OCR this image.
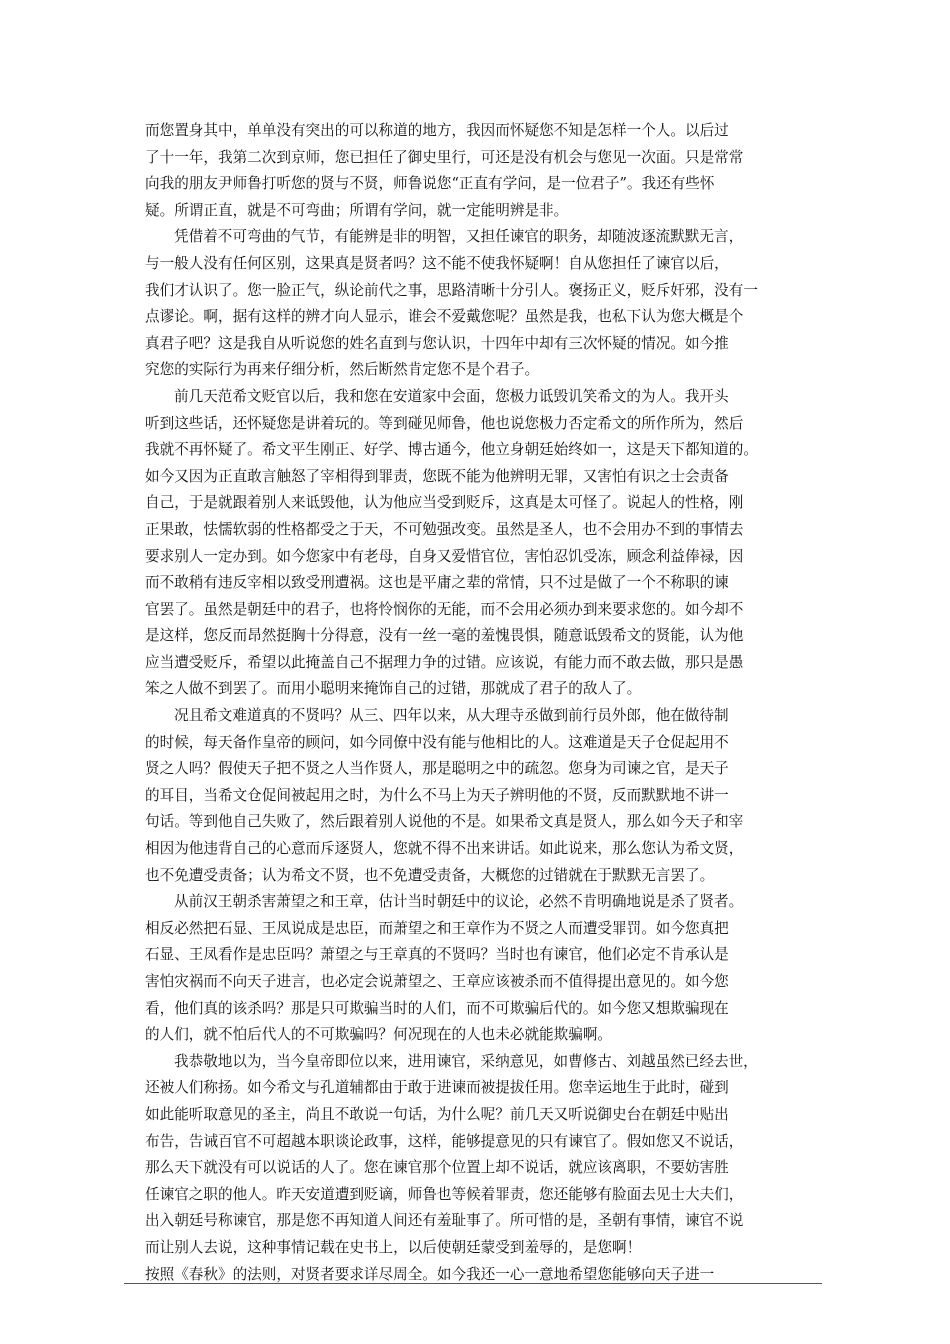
而您置身其中，单单没有突出的可以称道的地方，我因而怀疑您不知是怎样一个人。以后过
了十一年，我第二次到京师，您已担任了御史里行，可还是没有机会与您见一次面。只是常常
向我的朋友尹师鲁打听您的贤与不贤，师鲁说您“正直有学问，是一位君子”。我还有些怀
疑。所谓正直，就是不可弯曲；所谓有学问，就一定能明辨是非。
凭借着不可弯曲的气节，有能辨是非的明智，又担任谏官的职务，却随波逐流默默无言，
与一般人没有任何区别，这果真是贤者吗？这不能不使我怀疑啊！自从您担任了谏官以后，
我们才认识了。您一脸正气，纵论前代之事，思路清晰十分引人。褒扬正义，贬斥奸邪，没有一
点谬论。啊，据有这样的辨才向人显示，谁会不爱戴您呢？虽然是我，也私下认为您大概是个
真君子吧？这是我自从听说您的姓名直到与您认识，十四年中却有三次怀疑的情况。如今推
究您的实际行为再来仔细分析，然后断然肯定您不是个君子。
前几天范希文贬官以后，我和您在安道家中会面，您极力诋毁讥笑希文的为人。我开头
听到这些话，还怀疑您是讲着玩的。等到碰见师鲁，他也说您极力否定希文的所作所为，然后
我就不再怀疑了。希文平生刚正、好学、博古通今，他立身朝廷始终如一，这是天下都知道的。
如今又因为正直敢言触怒了宰相得到罪责，您既不能为他辨明无罪，又害怕有识之士会责备
自己，于是就跟着别人来诋毁他，认为他应当受到贬斥，这真是太可怪了。说起人的性格，刚
正果敢，怯懦软弱的性格都受之于天，不可勉强改变。虽然是圣人，也不会用办不到的事情去
要求别人一定办到。如今您家中有老母，自身又爱惜官位，害怕忍饥受冻，顾念利益俸禄，因
而不敢稍有违反宰相以致受刑遭祸。这也是平庸之辈的常情，只不过是做了一个不称职的谏
官罢了。虽然是朝廷中的君子，也将怜悯你的无能，而不会用必须办到来要求您的。如今却不
是这样，您反而昂然挺胸十分得意，没有一丝一毫的羞愧畏惧，随意诋毁希文的贤能，认为他
应当遭受贬斥，希望以此掩盖自己不据理力争的过错。应该说，有能力而不敢去做，那只是愚
笨之人做不到罢了。而用小聪明来掩饰自己的过错，那就成了君子的敌人了。
况且希文难道真的不贤吗？从三、四年以来，从大理寺丞做到前行员外郎，他在做待制
的时候，每天备作皇帝的顾问，如今同僚中没有能与他相比的人。这难道是天子仓促起用不
贤之人吗？假使天子把不贤之人当作贤人，那是聪明之中的疏忽。您身为司谏之官，是天子
的耳目，当希文仓促间被起用之时，为什么不马上为天子辨明他的不贤，反而默默地不讲一
句话。等到他自己失败了，然后跟着别人说他的不是。如果希文真是贤人，那么如今天子和宰
相因为他违背自己的心意而斥逐贤人，您就不得不出来讲话。如此说来，那么您认为希文贤，
也不免遭受责备；认为希文不贤，也不免遭受责备，大概您的过错就在于默默无言罢了。
从前汉王朝杀害萧望之和王章，估计当时朝廷中的议论，必然不肯明确地说是杀了贤者。
相反必然把石显、王凤说成是忠臣，而萧望之和王章作为不贤之人而遭受罪罚。如今您真把
石显、王凤看作是忠臣吗？萧望之与王章真的不贤吗？当时也有谏官，他们必定不肯承认是
害怕灾祸而不向天子进言，也必定会说萧望之、王章应该被杀而不值得提出意见的。如今您
看，他们真的该杀吗？那是只可欺骗当时的人们，而不可欺骗后代的。如今您又想欺骗现在
的人们，就不怕后代人的不可欺骗吗？何况现在的人也未必就能欺骗啊。
我恭敬地以为，当今皇帝即位以来，进用谏官，采纳意见，如曹修古、刘越虽然已经去世，
还被人们称扬。如今希文与孔道辅都由于敢于进谏而被提拔任用。您幸运地生于此时，碰到
如此能听取意见的圣主，尚且不敢说一句话，为什么呢？前几天又听说御史台在朝廷中贴出
布告，告诫百官不可超越本职谈论政事，这样，能够提意见的只有谏官了。假如您又不说话，
那么天下就没有可以说话的人了。您在谏官那个位置上却不说话，就应该离职，不要妨害胜
任谏官之职的他人。昨天安道遭到贬谪，师鲁也等候着罪责，您还能够有脸面去见士大夫们，
出入朝廷号称谏官，那是您不再知道人间还有羞耻事了。所可惜的是，圣朝有事情，谏官不说
而让别人去说，这种事情记载在史书上，以后使朝廷蒙受到羞辱的，是您啊！
按照《春秋》的法则，对贤者要求详尽周全。如今我还一心一意地希望您能够向天子进一
